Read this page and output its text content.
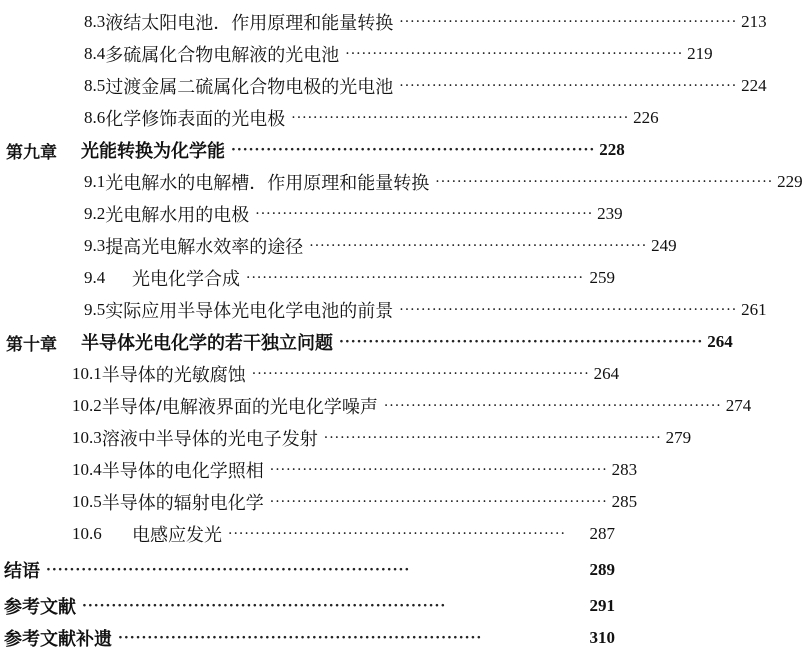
8.3 液结太阳电池．作用原理和能量转换 ······························································ 213
8.4 多硫属化合物电解液的光电池 ······························································ 219
8.5 过渡金属二硫属化合物电极的光电池 ······························································ 224
8.6 化学修饰表面的光电极 ······························································ 226
第九章 光能转换为化学能 ······························································ 228
9.1 光电解水的电解槽．作用原理和能量转换 ······························································ 229
9.2 光电解水用的电极 ······························································ 239
9.3 提高光电解水效率的途径 ······························································ 249
9.4	光电化学合成 ······························································ 259
9.5 实际应用半导体光电化学电池的前景 ······························································ 261
第十章 半导体光电化学的若干独立问题 ······························································ 264
10.1 半导体的光敏腐蚀 ······························································ 264
10.2 半导体/电解液界面的光电化学噪声 ······························································ 274
10.3 溶液中半导体的光电子发射 ······························································ 279
10.4 半导体的电化学照相 ······························································ 283
10.5 半导体的辐射电化学 ······························································ 285
10.6	电感应发光 ······························································	287
结语 ······························································	289
参考文献 ······························································	291
参考文献补遗 ······························································	310
